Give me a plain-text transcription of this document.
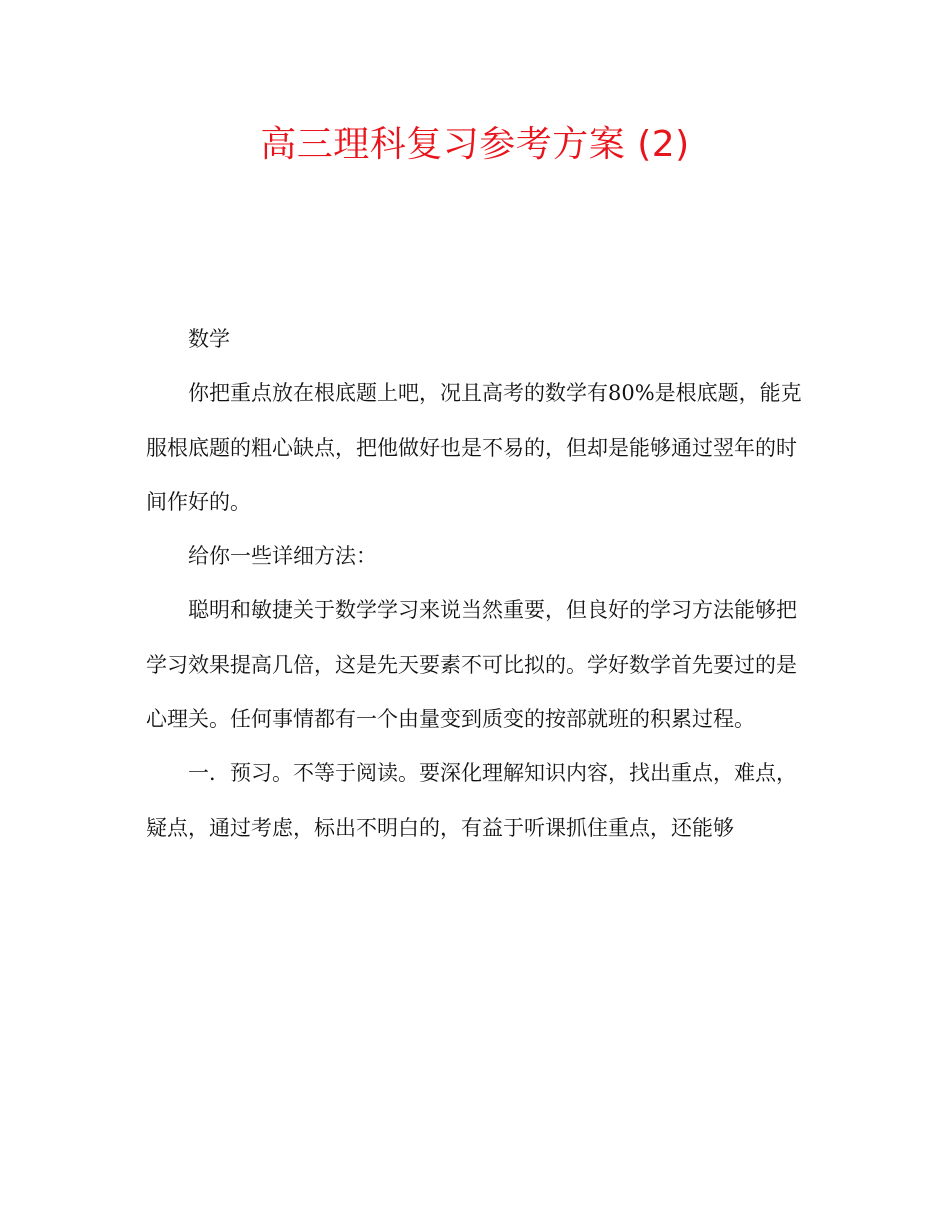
高三理科复习参考方案 (2)

数学

你把重点放在根底题上吧，况且高考的数学有80%是根底题，能克服根底题的粗心缺点，把他做好也是不易的，但却是能够通过翌年的时间作好的。

给你一些详细方法：

聪明和敏捷关于数学学习来说当然重要，但良好的学习方法能够把学习效果提高几倍，这是先天要素不可比拟的。学好数学首先要过的是心理关。任何事情都有一个由量变到质变的按部就班的积累过程。

一．预习。不等于阅读。要深化理解知识内容，找出重点，难点，疑点，通过考虑，标出不明白的，有益于听课抓住重点，还能够
